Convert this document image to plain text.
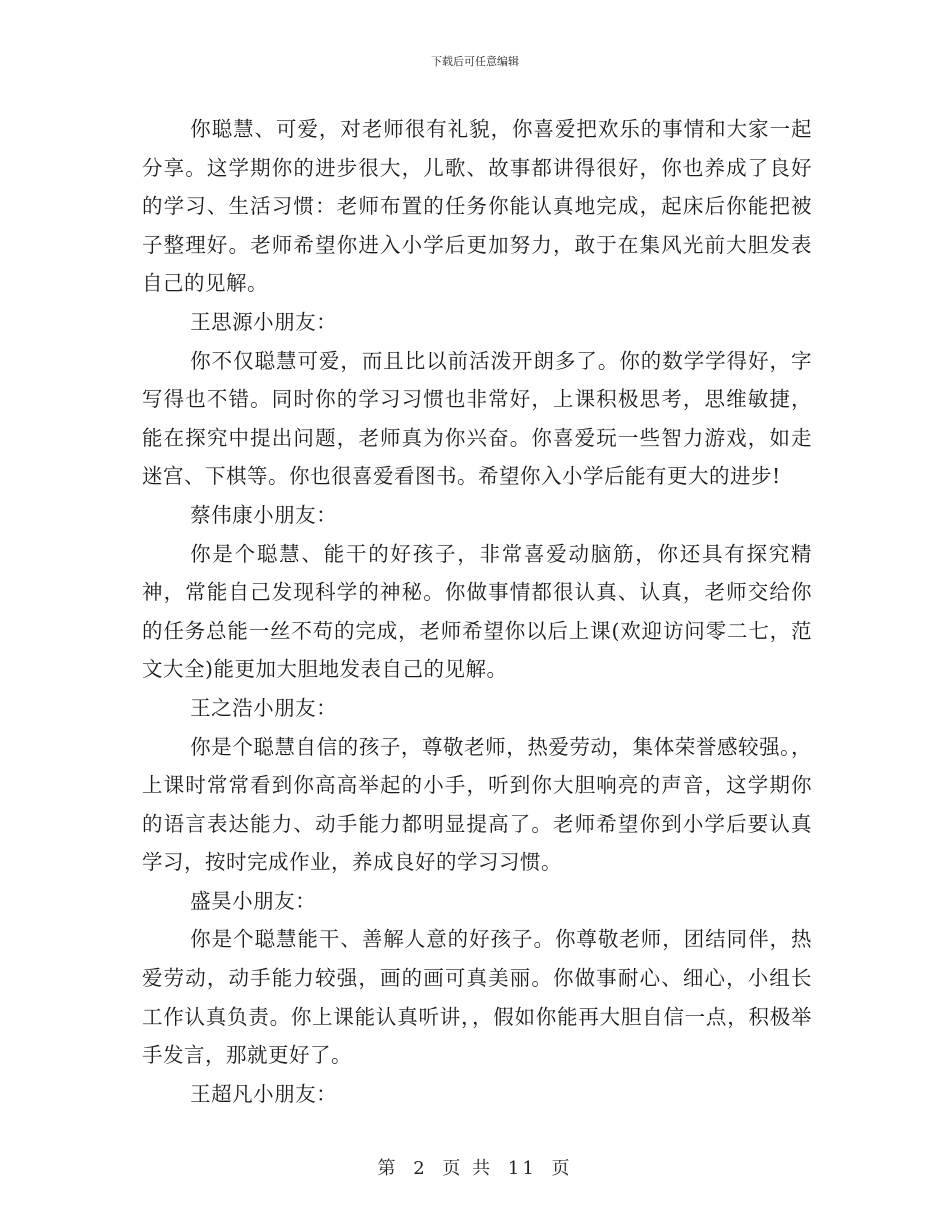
下载后可任意编辑

你聪慧、可爱，对老师很有礼貌，你喜爱把欢乐的事情和大家一起分享。这学期你的进步很大，儿歌、故事都讲得很好，你也养成了良好的学习、生活习惯：老师布置的任务你能认真地完成，起床后你能把被子整理好。老师希望你进入小学后更加努力，敢于在集风光前大胆发表自己的见解。

王思源小朋友：

你不仅聪慧可爱，而且比以前活泼开朗多了。你的数学学得好，字写得也不错。同时你的学习习惯也非常好，上课积极思考，思维敏捷，能在探究中提出问题，老师真为你兴奋。你喜爱玩一些智力游戏，如走迷宫、下棋等。你也很喜爱看图书。希望你入小学后能有更大的进步!

蔡伟康小朋友：

你是个聪慧、能干的好孩子，非常喜爱动脑筋，你还具有探究精神，常能自己发现科学的神秘。你做事情都很认真、认真，老师交给你的任务总能一丝不苟的完成，老师希望你以后上课(欢迎访问零二七，范文大全)能更加大胆地发表自己的见解。

王之浩小朋友：

你是个聪慧自信的孩子，尊敬老师，热爱劳动，集体荣誉感较强。，上课时常常看到你高高举起的小手，听到你大胆响亮的声音，这学期你的语言表达能力、动手能力都明显提高了。老师希望你到小学后要认真学习，按时完成作业，养成良好的学习习惯。

盛昊小朋友：

你是个聪慧能干、善解人意的好孩子。你尊敬老师，团结同伴，热爱劳动，动手能力较强，画的画可真美丽。你做事耐心、细心，小组长工作认真负责。你上课能认真听讲，，假如你能再大胆自信一点，积极举手发言，那就更好了。

王超凡小朋友：

第 2 页 共 11 页
